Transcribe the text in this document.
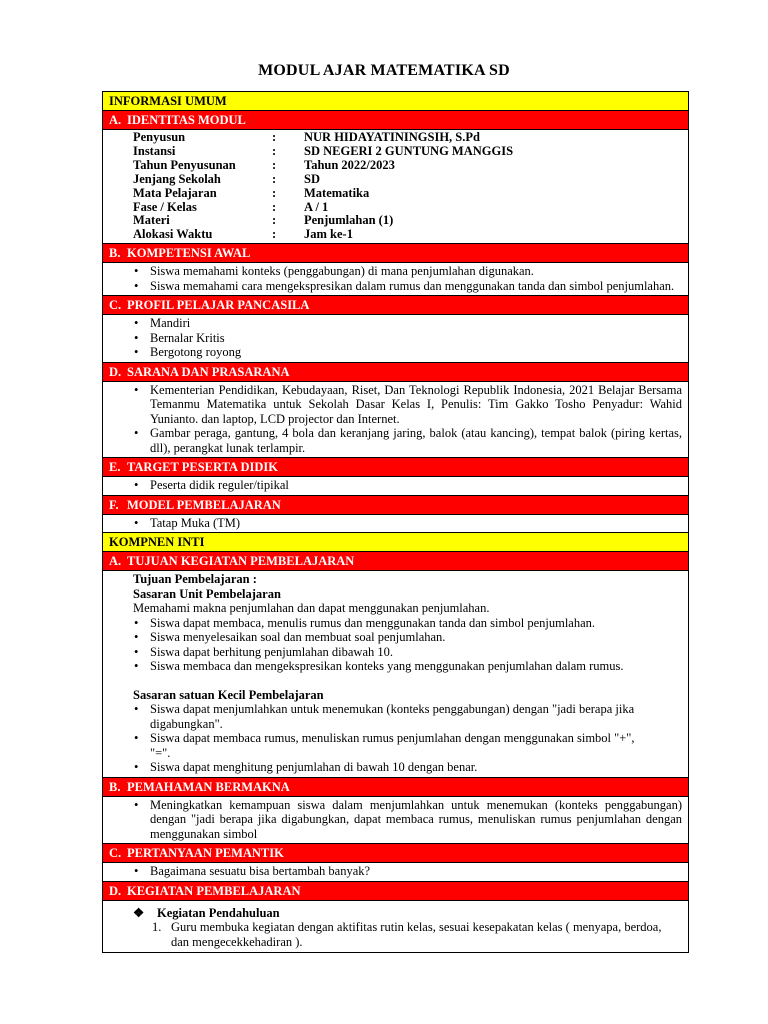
MODUL AJAR MATEMATIKA SD
INFORMASI UMUM
A. IDENTITAS MODUL
Penyusun	:	NUR HIDAYATININGSIH, S.Pd
Instansi	:	SD NEGERI 2 GUNTUNG MANGGIS
Tahun Penyusunan	:	Tahun 2022/2023
Jenjang Sekolah	:	SD
Mata Pelajaran	:	Matematika
Fase / Kelas	:	A / 1
Materi	:	Penjumlahan (1)
Alokasi Waktu	:	Jam ke-1
B. KOMPETENSI AWAL
• Siswa memahami konteks (penggabungan) di mana penjumlahan digunakan.
• Siswa memahami cara mengekspresikan dalam rumus dan menggunakan tanda dan simbol penjumlahan.
C. PROFIL PELAJAR PANCASILA
• Mandiri
• Bernalar Kritis
• Bergotong royong
D. SARANA DAN PRASARANA
• Kementerian Pendidikan, Kebudayaan, Riset, Dan Teknologi Republik Indonesia, 2021 Belajar Bersama Temanmu Matematika untuk Sekolah Dasar Kelas I, Penulis: Tim Gakko Tosho Penyadur: Wahid Yunianto. dan laptop, LCD projector dan Internet.
• Gambar peraga, gantung, 4 bola dan keranjang jaring, balok (atau kancing), tempat balok (piring kertas, dll), perangkat lunak terlampir.
E. TARGET PESERTA DIDIK
• Peserta didik reguler/tipikal
F. MODEL PEMBELAJARAN
• Tatap Muka (TM)
KOMPNEN INTI
A. TUJUAN KEGIATAN PEMBELAJARAN
Tujuan Pembelajaran :
Sasaran Unit Pembelajaran
Memahami makna penjumlahan dan dapat menggunakan penjumlahan.
• Siswa dapat membaca, menulis rumus dan menggunakan tanda dan simbol penjumlahan.
• Siswa menyelesaikan soal dan membuat soal penjumlahan.
• Siswa dapat berhitung penjumlahan dibawah 10.
• Siswa membaca dan mengekspresikan konteks yang menggunakan penjumlahan dalam rumus.
Sasaran satuan Kecil Pembelajaran
• Siswa dapat menjumlahkan untuk menemukan (konteks penggabungan) dengan "jadi berapa jika digabungkan".
• Siswa dapat membaca rumus, menuliskan rumus penjumlahan dengan menggunakan simbol "+", "=".
• Siswa dapat menghitung penjumlahan di bawah 10 dengan benar.
B. PEMAHAMAN BERMAKNA
• Meningkatkan kemampuan siswa dalam menjumlahkan untuk menemukan (konteks penggabungan) dengan "jadi berapa jika digabungkan, dapat membaca rumus, menuliskan rumus penjumlahan dengan menggunakan simbol
C. PERTANYAAN PEMANTIK
• Bagaimana sesuatu bisa bertambah banyak?
D. KEGIATAN PEMBELAJARAN
❖ Kegiatan Pendahuluan
1. Guru membuka kegiatan dengan aktifitas rutin kelas, sesuai kesepakatan kelas ( menyapa, berdoa, dan mengecekkehadiran ).
